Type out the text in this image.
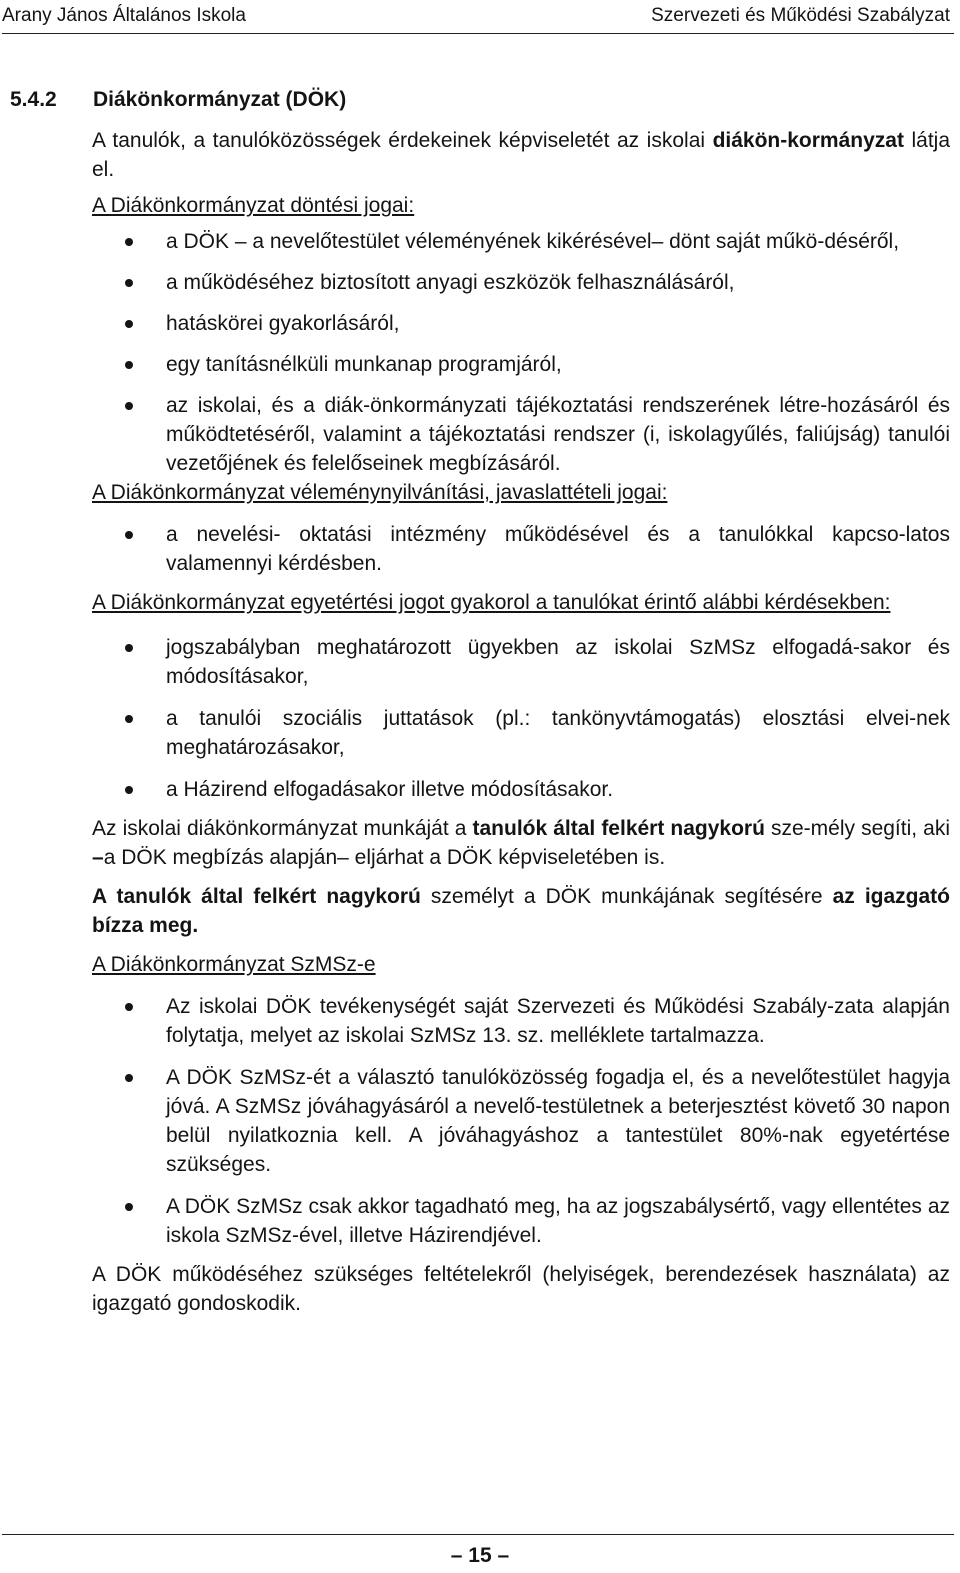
Arany János Általános Iskola	Szervezeti és Működési Szabályzat
5.4.2 Diákönkormányzat (DÖK)

A tanulók, a tanulóközösségek érdekeinek képviseletét az iskolai diákön-kormányzat látja el.

A Diákönkormányzat döntési jogai:

a DÖK – a nevelőtestület véleményének kikérésével– dönt saját műkö-déséről,
a működéséhez biztosított anyagi eszközök felhasználásáról,
hatáskörei gyakorlásáról,
egy tanításnélküli munkanap programjáról,
az iskolai, és a diák-önkormányzati tájékoztatási rendszerének létre-hozásáról és működtetéséről, valamint a tájékoztatási rendszer (i, iskolagyűlés, faliújság) tanulói vezetőjének és felelőseinek megbízásáról.

A Diákönkormányzat véleménynyilvánítási, javaslattételi jogai:

a nevelési- oktatási intézmény működésével és a tanulókkal kapcso-latos valamennyi kérdésben.

A Diákönkormányzat egyetértési jogot gyakorol a tanulókat érintő alábbi kérdésekben:

jogszabályban meghatározott ügyekben az iskolai SzMSz elfogadá-sakor és módosításakor,
a tanulói szociális juttatások (pl.: tankönyvtámogatás) elosztási elvei-nek meghatározásakor,
a Házirend elfogadásakor illetve módosításakor.

Az iskolai diákönkormányzat munkáját a tanulók által felkért nagykorú sze-mély segíti, aki –a DÖK megbízás alapján– eljárhat a DÖK képviseletében is.

A tanulók által felkért nagykorú személyt a DÖK munkájának segítésére az igazgató bízza meg.

A Diákönkormányzat SzMSz-e

Az iskolai DÖK tevékenységét saját Szervezeti és Működési Szabály-zata alapján folytatja, melyet az iskolai SzMSz 13. sz. melléklete tartalmazza.
A DÖK SzMSz-ét a választó tanulóközösség fogadja el, és a nevelőtestület hagyja jóvá. A SzMSz jóváhagyásáról a nevelő-testületnek a beterjesztést követő 30 napon belül nyilatkoznia kell. A jóváhagyáshoz a tantestület 80%-nak egyetértése szükséges.
A DÖK SzMSz csak akkor tagadható meg, ha az jogszabálysértő, vagy ellentétes az iskola SzMSz-ével, illetve Házirendjével.

A DÖK működéséhez szükséges feltételekről (helyiségek, berendezések használata) az igazgató gondoskodik.

– 15 –
